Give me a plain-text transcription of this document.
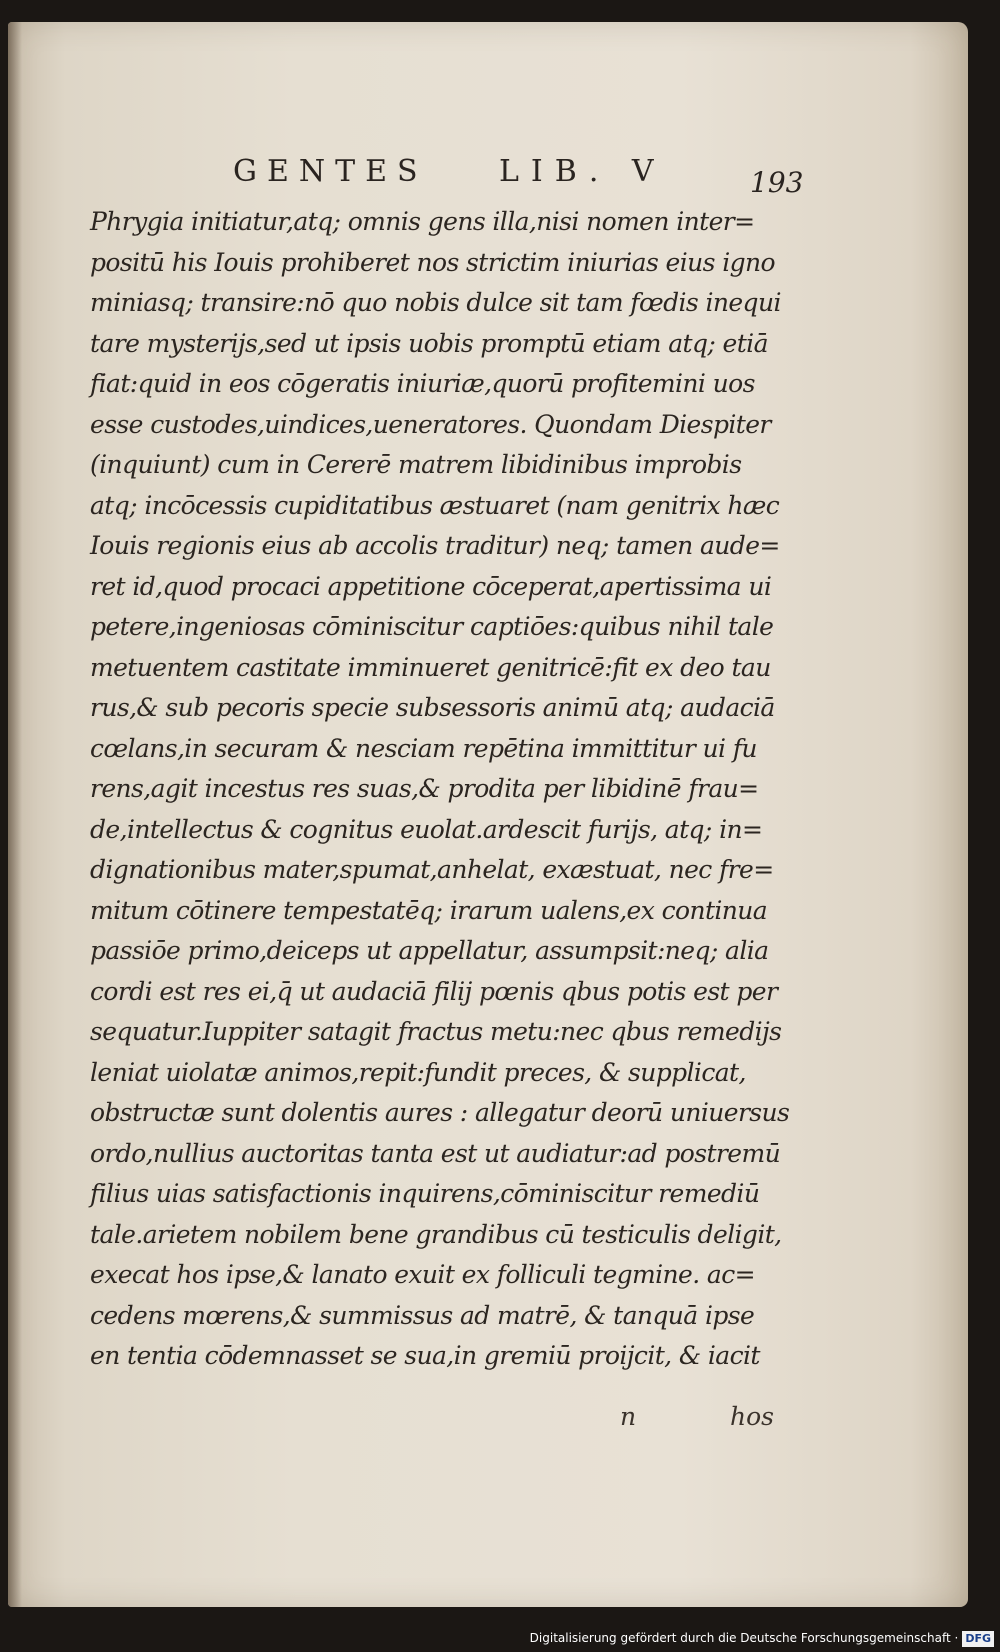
GENTES LIB. V	193
Phrygia initiatur,atq; omnis gens illa,nisi nomen inter=
positū his Iouis prohiberet nos strictim iniurias eius igno
miniasq; transire:nō quo nobis dulce sit tam fœdis inequi
tare mysterijs,sed ut ipsis uobis promptū etiam atq; etiā
fiat:quid in eos cōgeratis iniuriæ,quorū profitemini uos
esse custodes,uindices,ueneratores. Quondam Diespiter
(inquiunt) cum in Cererē matrem libidinibus improbis
atq; incōcessis cupiditatibus æstuaret (nam genitrix hæc
Iouis regionis eius ab accolis traditur) neq; tamen aude=
ret id,quod procaci appetitione cōceperat,apertissima ui
petere,ingeniosas cōminiscitur captiōes:quibus nihil tale
metuentem castitate imminueret genitricē:fit ex deo tau
rus,& sub pecoris specie subsessoris animū atq; audaciā
cœlans,in securam & nesciam repētina immittitur ui fu
rens,agit incestus res suas,& prodita per libidinē frau=
de,intellectus & cognitus euolat.ardescit furijs, atq; in=
dignationibus mater,spumat,anhelat, exæstuat, nec fre=
mitum cōtinere tempestatēq; irarum ualens,ex continua
passiōe primo,deiceps ut appellatur, assumpsit:neq; alia
cordi est res ei,q̄ ut audaciā filij pœnis qbus potis est per
sequatur.Iuppiter satagit fractus metu:nec qbus remedijs
leniat uiolatæ animos,repit:fundit preces, & supplicat,
obstructæ sunt dolentis aures : allegatur deorū uniuersus
ordo,nullius auctoritas tanta est ut audiatur:ad postremū
filius uias satisfactionis inquirens,cōminiscitur remediū
tale.arietem nobilem bene grandibus cū testiculis deligit,
execat hos ipse,& lanato exuit ex folliculi tegmine. ac=
cedens mœrens,& summissus ad matrē, & tanquā ipse
en tentia cōdemnasset se sua,in gremiū proijcit, & iacit
n	hos
Digitalisierung gefördert durch die Deutsche Forschungsgemeinschaft · DFG
